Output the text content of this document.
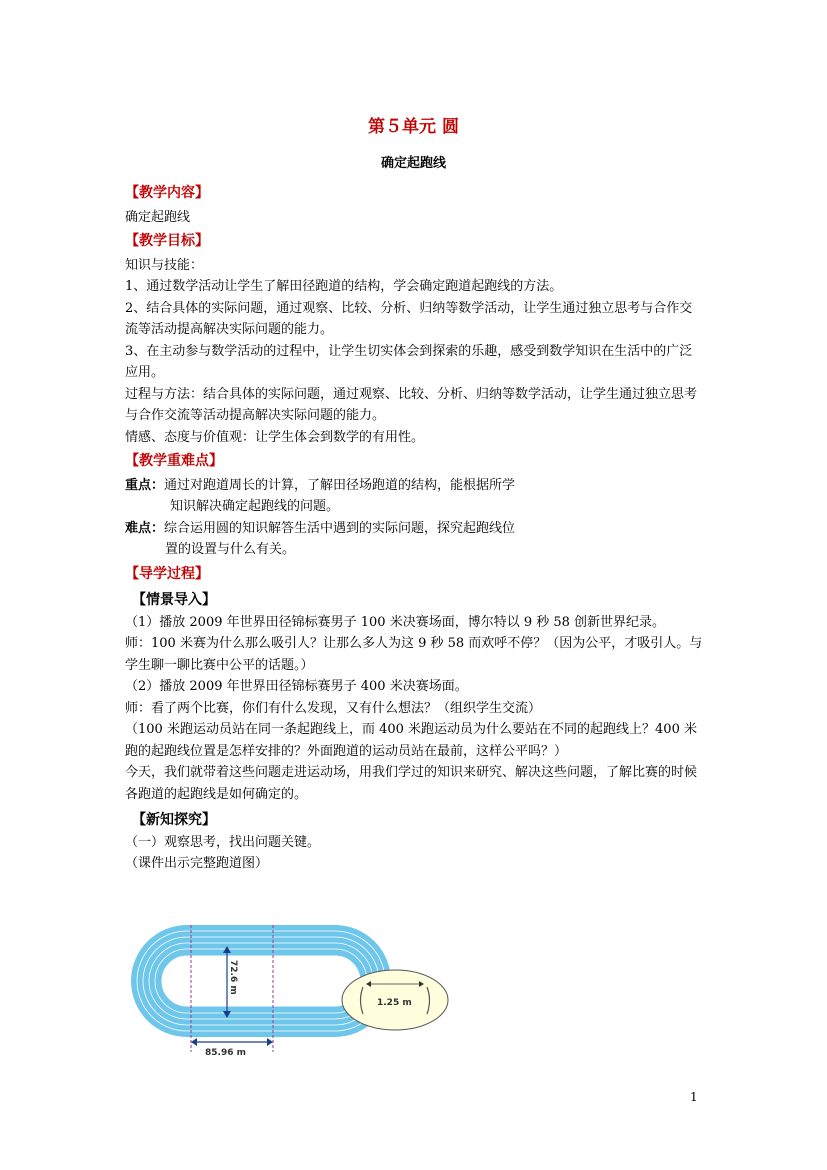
第５单元 圆
确定起跑线
【教学内容】

确定起跑线

【教学目标】

知识与技能：

1、通过数学活动让学生了解田径跑道的结构，学会确定跑道起跑线的方法。

2、结合具体的实际问题，通过观察、比较、分析、归纳等数学活动，让学生通过独立思考与合作交流等活动提高解决实际问题的能力。

3、在主动参与数学活动的过程中，让学生切实体会到探索的乐趣，感受到数学知识在生活中的广泛应用。

过程与方法：结合具体的实际问题，通过观察、比较、分析、归纳等数学活动，让学生通过独立思考与合作交流等活动提高解决实际问题的能力。

情感、态度与价值观：让学生体会到数学的有用性。

【教学重难点】

重点：通过对跑道周长的计算，了解田径场跑道的结构，能根据所学

知识解决确定起跑线的问题。

难点：综合运用圆的知识解答生活中遇到的实际问题，探究起跑线位

置的设置与什么有关。

【导学过程】
【情景导入】

（1）播放 2009 年世界田径锦标赛男子 100 米决赛场面，博尔特以 9 秒 58 创新世界纪录。

师：100 米赛为什么那么吸引人？让那么多人为这 9 秒 58 而欢呼不停？（因为公平，才吸引人。与学生聊一聊比赛中公平的话题。）

（2）播放 2009 年世界田径锦标赛男子 400 米决赛场面。

师：看了两个比赛，你们有什么发现，又有什么想法？（组织学生交流）

（100 米跑运动员站在同一条起跑线上，而 400 米跑运动员为什么要站在不同的起跑线上？400 米跑的起跑线位置是怎样安排的？外面跑道的运动员站在最前，这样公平吗？）

今天，我们就带着这些问题走进运动场，用我们学过的知识来研究、解决这些问题，了解比赛的时候各跑道的起跑线是如何确定的。

【新知探究】

（一）观察思考，找出问题关键。

（课件出示完整跑道图）

72.6 m
85.96 m
1.25 m
1
